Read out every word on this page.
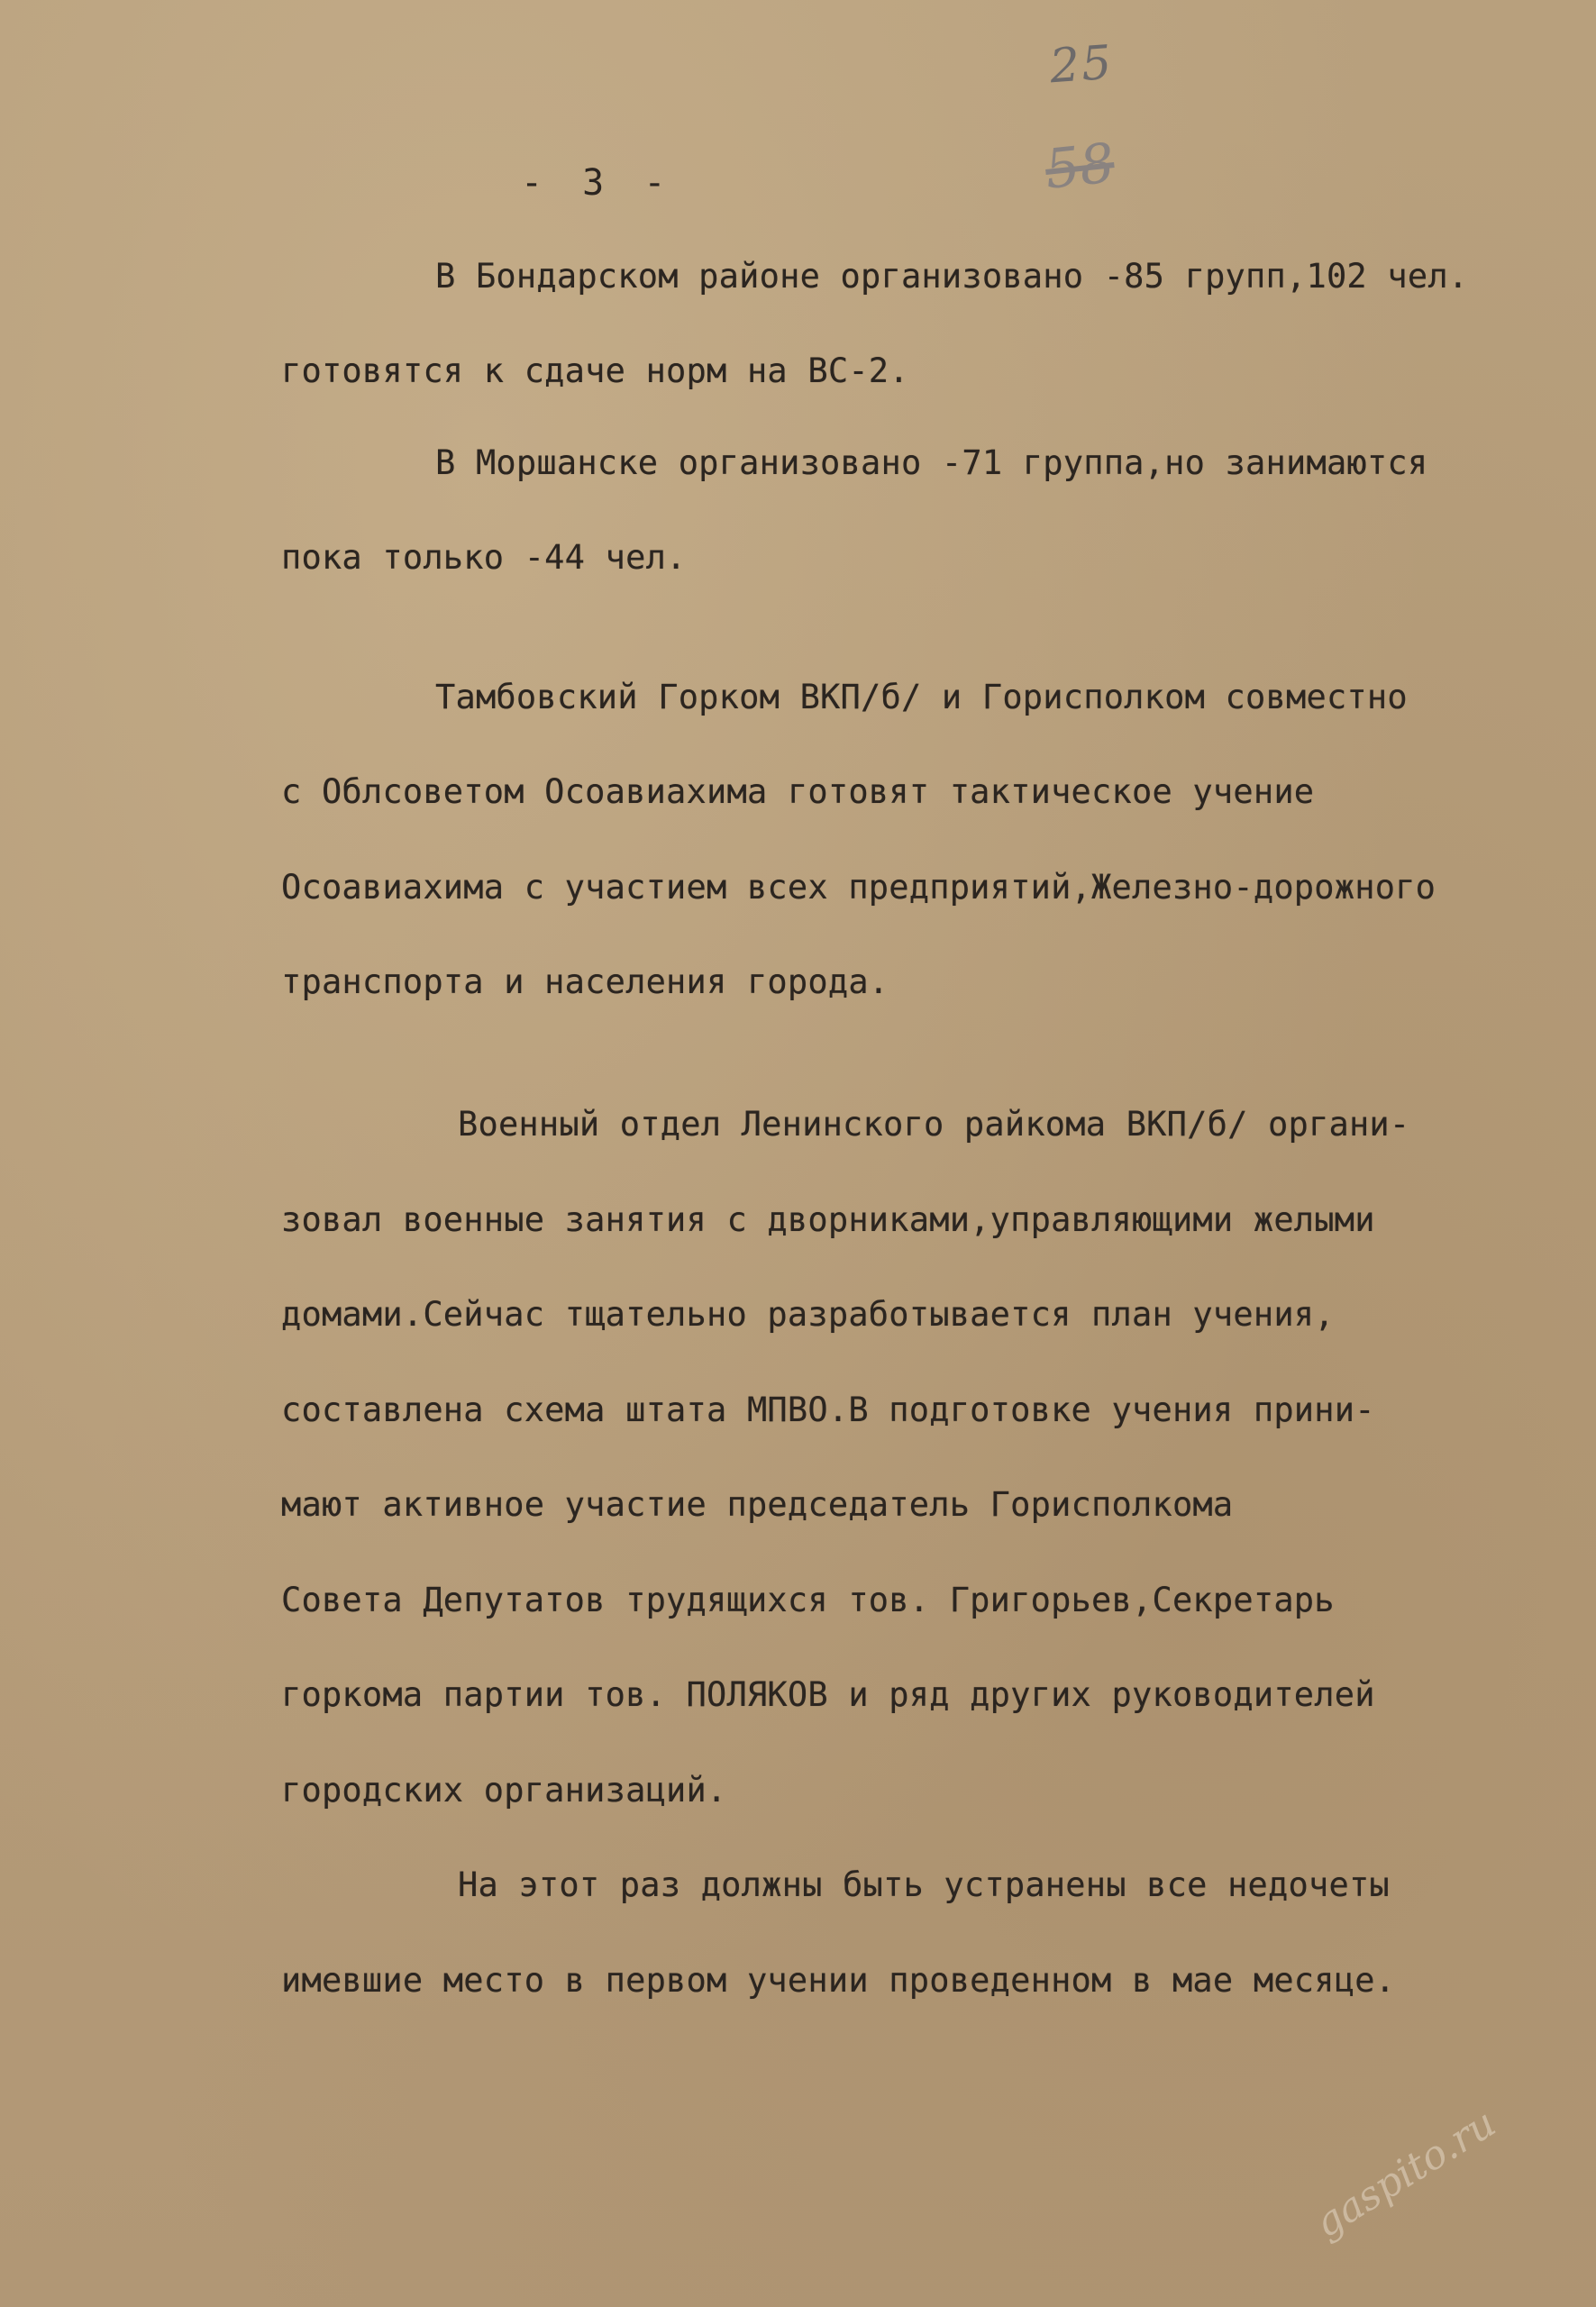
25
58
- 3 -
В Бондарском районе организовано -85 групп,102 чел.
готовятся к сдаче норм на ВС-2.
В Моршанске организовано -71 группа,но занимаются
пока только -44 чел.
Тамбовский Горком ВКП/б/ и Горисполком совместно
с Облсоветом Осоавиахима готовят тактическое учение
Осоавиахима с участием всех предприятий,Железно-дорожного
транспорта и населения города.
Военный отдел Ленинского райкома ВКП/б/ органи-
зовал военные занятия с дворниками,управляющими желыми
домами.Сейчас тщательно разработывается план учения,
составлена схема штата МПВО.В подготовке учения прини-
мают активное участие председатель Горисполкома
Совета Депутатов трудящихся тов. Григорьев,Секретарь
горкома партии тов. ПОЛЯКОВ и ряд других руководителей
городских организаций.
На этот раз должны быть устранены все недочеты
имевшие место в первом учении проведенном в мае месяце.
gaspito.ru
